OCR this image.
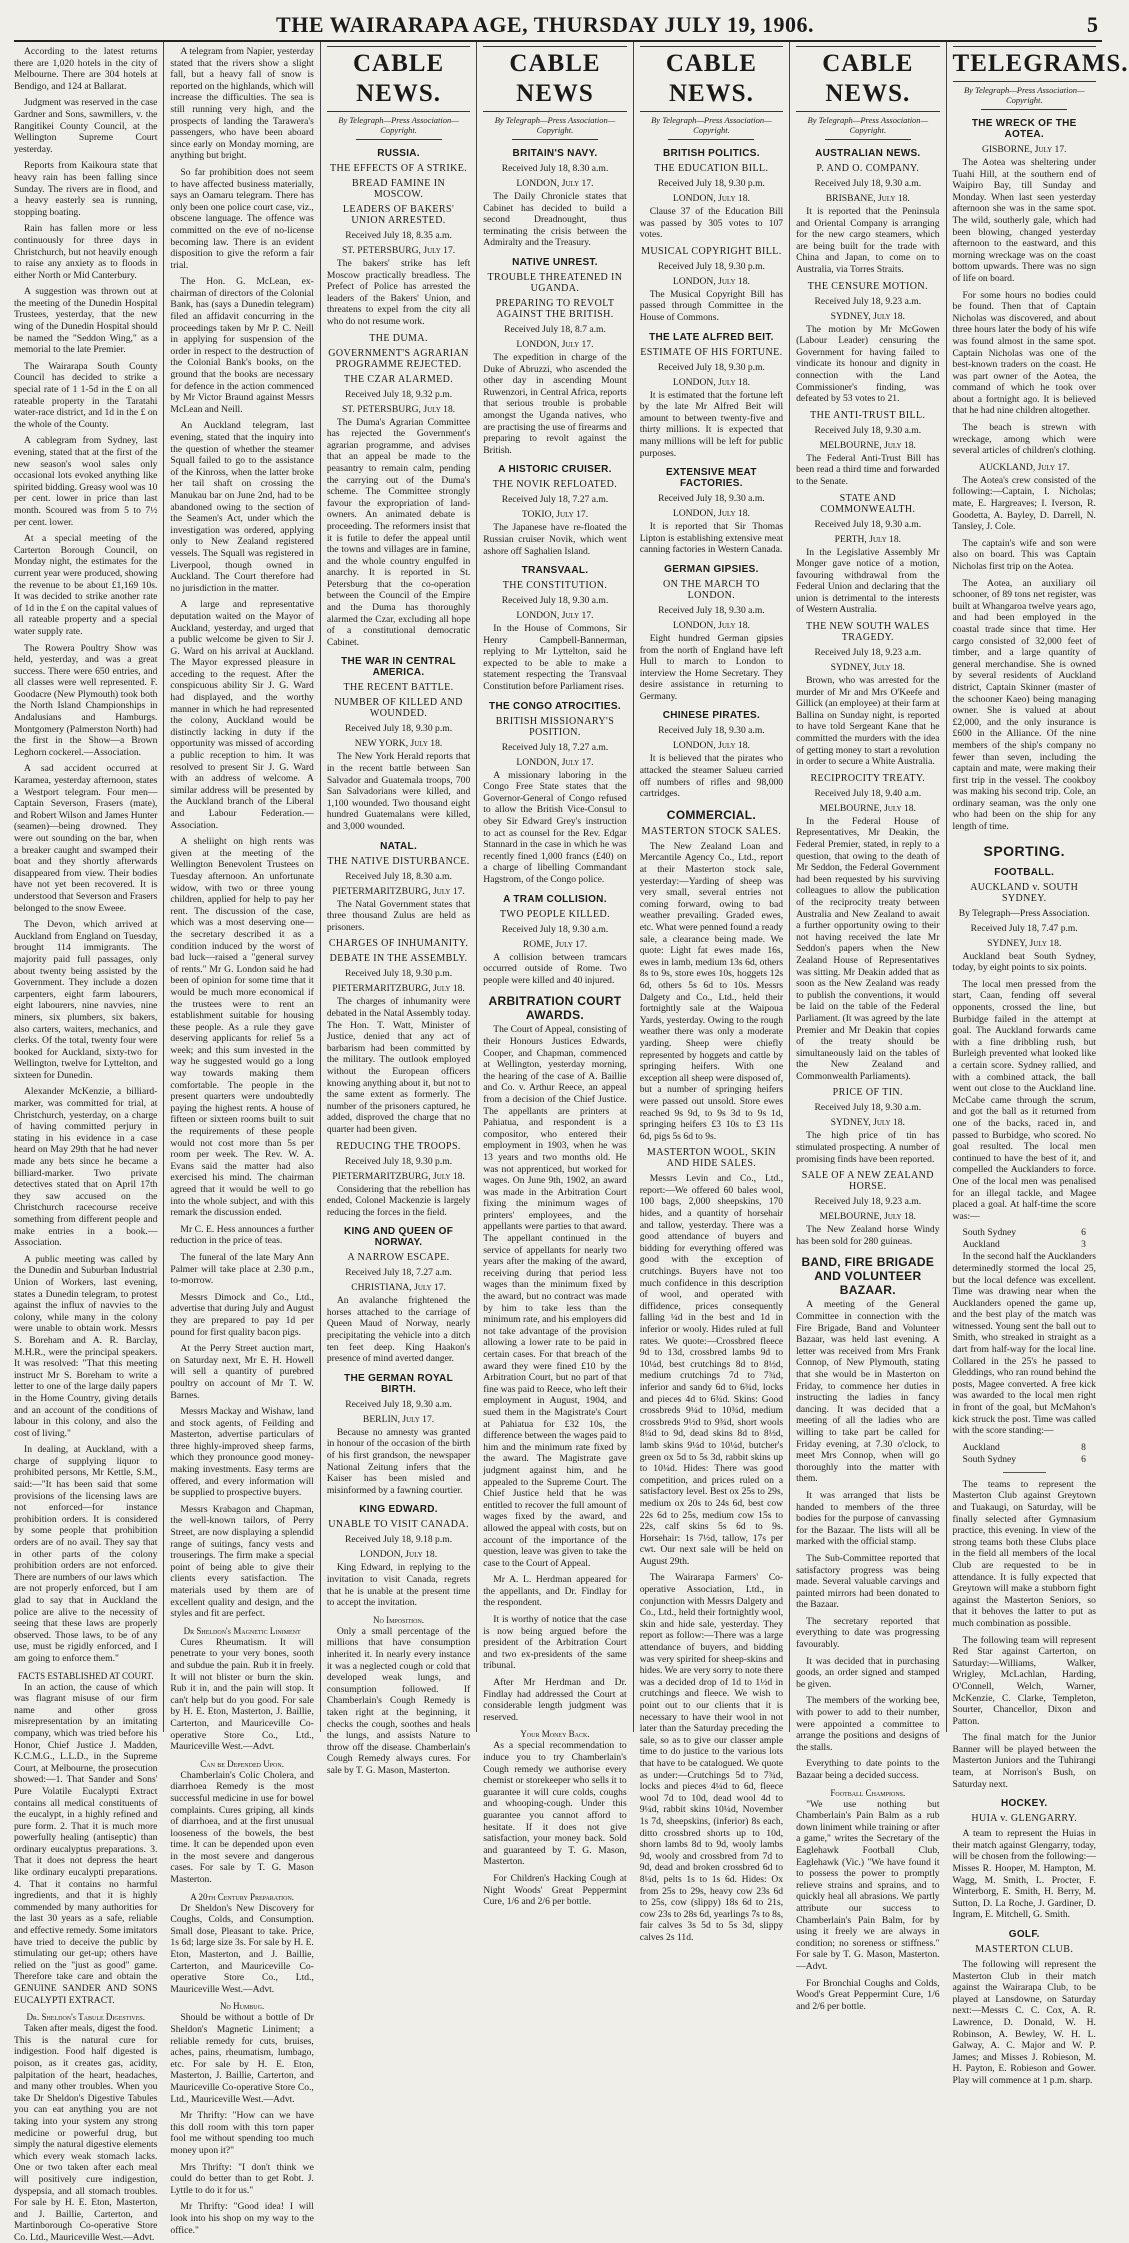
THE WAIRARAPA AGE, THURSDAY JULY 19, 1906.	5

According to the latest returns there are 1,020 hotels in the city of Melbourne. There are 304 hotels at Bendigo, and 124 at Ballarat.

Judgment was reserved in the case Gardner and Sons, sawmillers, v. the Rangitikei County Council, at the Wellington Supreme Court yesterday.

Reports from Kaikoura state that heavy rain has been falling since Sunday. The rivers are in flood, and a heavy easterly sea is running, stopping boating.

Rain has fallen more or less continuously for three days in Christchurch, but not heavily enough to raise any anxiety as to floods in either North or Mid Canterbury.

A suggestion was thrown out at the meeting of the Dunedin Hospital Trustees, yesterday, that the new wing of the Dunedin Hospital should be named the "Seddon Wing," as a memorial to the late Premier.

The Wairarapa South County Council has decided to strike a special rate of 1 1-5d in the £ on all rateable property in the Taratahi water-race district, and 1d in the £ on the whole of the County.

A cablegram from Sydney, last evening, stated that at the first of the new season's wool sales only occasional lots evoked anything like spirited bidding. Greasy wool was 10 per cent. lower in price than last month. Scoured was from 5 to 7½ per cent. lower.

At a special meeting of the Carterton Borough Council, on Monday night, the estimates for the current year were produced, showing the revenue to be about £1,169 10s. It was decided to strike another rate of 1d in the £ on the capital values of all rateable property and a special water supply rate.

The Rowera Poultry Show was held, yesterday, and was a great success. There were 650 entries, and all classes were well represented. F. Goodacre (New Plymouth) took both the North Island Championships in Andalusians and Hamburgs. Montgomery (Palmerston North) had the first in the Show—a Brown Leghorn cockerel.—Association.

A sad accident occurred at Karamea, yesterday afternoon, states a Westport telegram. Four men—Captain Severson, Frasers (mate), and Robert Wilson and James Hunter (seamen)—being drowned. They were out sounding on the bar, when a breaker caught and swamped their boat and they shortly afterwards disappeared from view. Their bodies have not yet been recovered. It is understood that Severson and Frasers belonged to the snow Eweee.

The Devon, which arrived at Auckland from England on Tuesday, brought 114 immigrants. The majority paid full passages, only about twenty being assisted by the Government. They include a dozen carpenters, eight farm labourers, eight labourers, nine navvies, nine miners, six plumbers, six bakers, also carters, waiters, mechanics, and clerks. Of the total, twenty four were booked for Auckland, sixty-two for Wellington, twelve for Lyttelton, and sixteen for Dunedin.

Alexander McKenzie, a billiard-marker, was committed for trial, at Christchurch, yesterday, on a charge of having committed perjury in stating in his evidence in a case heard on May 29th that he had never made any bets since he became a billiard-marker. Two private detectives stated that on April 17th they saw accused on the Christchurch racecourse receive something from different people and make entries in a book.—Association.

A public meeting was called by the Dunedin and Suburban Industrial Union of Workers, last evening, states a Dunedin telegram, to protest against the influx of navvies to the colony, while many in the colony were unable to obtain work. Messrs S. Boreham and A. R. Barclay, M.H.R., were the principal speakers. It was resolved: "That this meeting instruct Mr S. Boreham to write a letter to one of the large daily papers in the Home Country, giving details and an account of the conditions of labour in this colony, and also the cost of living."

In dealing, at Auckland, with a charge of supplying liquor to prohibited persons, Mr Kettle, S.M., said:—"It has been said that some provisions of the licensing laws are not enforced—for instance prohibition orders. It is considered by some people that prohibition orders are of no avail. They say that in other parts of the colony prohibition orders are not enforced. There are numbers of our laws which are not properly enforced, but I am glad to say that in Auckland the police are alive to the necessity of seeing that these laws are properly observed. Those laws, to be of any use, must be rigidly enforced, and I am going to enforce them."

FACTS ESTABLISHED AT COURT.

In an action, the cause of which was flagrant misuse of our firm name and other gross misrepresentation by an imitating company, which was tried before his Honor, Chief Justice J. Madden, K.C.M.G., L.L.D., in the Supreme Court, at Melbourne, the prosecution showed:—1. That Sander and Sons' Pure Volatile Eucalypti Extract contains all medical constituents of the eucalypt, in a highly refined and pure form. 2. That it is much more powerfully healing (antiseptic) than ordinary eucalyptus preparations. 3. That it does not depress the heart like ordinary eucalypti preparations. 4. That it contains no harmful ingredients, and that it is highly commended by many authorities for the last 30 years as a safe, reliable and effective remedy. Some imitators have tried to deceive the public by stimulating our get-up; others have relied on the "just as good" game. Therefore take care and obtain the GENUINE SANDER AND SONS EUCALYPTI EXTRACT.

Dr. Sheldon's Tabule Digestives.

Taken after meals, digest the food. This is the natural cure for indigestion. Food half digested is poison, as it creates gas, acidity, palpitation of the heart, headaches, and many other troubles. When you take Dr Sheldon's Digestive Tabules you can eat anything you are not taking into your system any strong medicine or powerful drug, but simply the natural digestive elements which every weak stomach lacks. One or two taken after each meal will positively cure indigestion, dyspepsia, and all stomach troubles. For sale by H. E. Eton, Masterton, and J. Baillie, Carterton, and Martinborough Co-operative Store Co. Ltd., Mauriceville West.—Advt.

A telegram from Napier, yesterday stated that the rivers show a slight fall, but a heavy fall of snow is reported on the highlands, which will increase the difficulties. The sea is still running very high, and the prospects of landing the Tarawera's passengers, who have been aboard since early on Monday morning, are anything but bright.

So far prohibition does not seem to have affected business materially, says an Oamaru telegram. There has only been one police court case, viz., obscene language. The offence was committed on the eve of no-license becoming law. There is an evident disposition to give the reform a fair trial.

The Hon. G. McLean, ex-chairman of directors of the Colonial Bank, has (says a Dunedin telegram) filed an affidavit concurring in the proceedings taken by Mr P. C. Neill in applying for suspension of the order in respect to the destruction of the Colonial Bank's books, on the ground that the books are necessary for defence in the action commenced by Mr Victor Braund against Messrs McLean and Neill.

An Auckland telegram, last evening, stated that the inquiry into the question of whether the steamer Squall failed to go to the assistance of the Kinross, when the latter broke her tail shaft on crossing the Manukau bar on June 2nd, had to be abandoned owing to the section of the Seamen's Act, under which the investigation was ordered, applying only to New Zealand registered vessels. The Squall was registered in Liverpool, though owned in Auckland. The Court therefore had no jurisdiction in the matter.

A large and representative deputation waited on the Mayor of Auckland, yesterday, and urged that a public welcome be given to Sir J. G. Ward on his arrival at Auckland. The Mayor expressed pleasure in acceding to the request. After the conspicuous ability Sir J. G. Ward had displayed, and the worthy manner in which he had represented the colony, Auckland would be distinctly lacking in duty if the opportunity was missed of according a public reception to him. It was resolved to present Sir J. G. Ward with an address of welcome. A similar address will be presented by the Auckland branch of the Liberal and Labour Federation.—Association.

A sheliight on high rents was given at the meeting of the Wellington Benevolent Trustees on Tuesday afternoon. An unfortunate widow, with two or three young children, applied for help to pay her rent. The discussion of the case, which was a most deserving one—the secretary described it as a condition induced by the worst of bad luck—raised a "general survey of rents." Mr G. London said he had been of opinion for some time that it would be much more economical if the trustees were to rent an establishment suitable for housing these people. As a rule they gave deserving applicants for relief 5s a week; and this sum invested in the way he suggested would go a long way towards making them comfortable. The people in the present quarters were undoubtedly paying the highest rents. A house of fifteen or sixteen rooms built to suit the requirements of these people would not cost more than 5s per room per week. The Rev. W. A. Evans said the matter had also exercised his mind. The chairman agreed that it would be well to go into the whole subject, and with this remark the discussion ended.

Mr C. E. Hess announces a further reduction in the price of teas.

The funeral of the late Mary Ann Palmer will take place at 2.30 p.m., to-morrow.

Messrs Dimock and Co., Ltd., advertise that during July and August they are prepared to pay 1d per pound for first quality bacon pigs.

At the Perry Street auction mart, on Saturday next, Mr E. H. Howell will sell a quantity of purebred poultry on account of Mr T. W. Barnes.

Messrs Mackay and Wishaw, land and stock agents, of Feilding and Masterton, advertise particulars of three highly-improved sheep farms, which they pronounce good money-making investments. Easy terms are offered, and every information will be supplied to prospective buyers.

Messrs Krabagon and Chapman, the well-known tailors, of Perry Street, are now displaying a splendid range of suitings, fancy vests and trouserings. The firm make a special point of being able to give their clients every satisfaction. The materials used by them are of excellent quality and design, and the styles and fit are perfect.

Dr Sheldon's Magnetic Liniment

Cures Rheumatism. It will penetrate to your very bones, sooth and subdue the pain. Rub it in freely. It will not blister or burn the skin. Rub it in, and the pain will stop. It can't help but do you good. For sale by H. E. Eton, Masterton, J. Baillie, Carterton, and Mauriceville Co-operative Store Co., Ltd., Mauriceville West.—Advt.

Can be Depended Upon.

Chamberlain's Colic Cholera, and diarrhoea Remedy is the most successful medicine in use for bowel complaints. Cures griping, all kinds of diarrhoea, and at the first unusual looseness of the bowels, the best time. It can be depended upon even in the most severe and dangerous cases. For sale by T. G. Mason Masterton.

A 20th Century Preparation.

Dr Sheldon's New Discovery for Coughs, Colds, and Consumption. Small dose, Pleasant to take. Price, 1s 6d; large size 3s. For sale by H. E. Eton, Masterton, and J. Baillie, Carterton, and Mauriceville Co-operative Store Co., Ltd., Mauriceville West.—Advt.

No Humbug.

Should be without a bottle of Dr Sheldon's Magnetic Liniment; a reliable remedy for cuts, bruises, aches, pains, rheumatism, lumbago, etc. For sale by H. E. Eton, Masterton, J. Baillie, Carterton, and Mauriceville Co-operative Store Co., Ltd., Mauriceville West.—Advt.

Mr Thrifty: "How can we have this doll room with this torn paper fool me without spending too much money upon it?"

Mrs Thrifty: "I don't think we could do better than to get Robt. J. Lyttle to do it for us."

Mr Thrifty: "Good idea! I will look into his shop on my way to the office."

CABLE NEWS.
By Telegraph—Press Association—Copyright.
RUSSIA.
THE EFFECTS OF A STRIKE.
BREAD FAMINE IN MOSCOW.
LEADERS OF BAKERS' UNION ARRESTED.
Received July 18, 8.35 a.m.
ST. PETERSBURG, July 17.

The bakers' strike has left Moscow practically breadless. The Prefect of Police has arrested the leaders of the Bakers' Union, and threatens to expel from the city all who do not resume work.

THE DUMA.
GOVERNMENT'S AGRARIAN PROGRAMME REJECTED.
THE CZAR ALARMED.
Received July 18, 9.32 p.m.
ST. PETERSBURG, July 18.

The Duma's Agrarian Committee has rejected the Government's agrarian programme, and advises that an appeal be made to the peasantry to remain calm, pending the carrying out of the Duma's scheme. The Committee strongly favour the expropriation of land-owners. An animated debate is proceeding. The reformers insist that it is futile to defer the appeal until the towns and villages are in famine, and the whole country engulfed in anarchy. It is reported in St. Petersburg that the co-operation between the Council of the Empire and the Duma has thoroughly alarmed the Czar, excluding all hope of a constitutional democratic Cabinet.

THE WAR IN CENTRAL AMERICA.
THE RECENT BATTLE.
NUMBER OF KILLED AND WOUNDED.
Received July 18, 9.30 p.m.
NEW YORK, July 18.

The New York Herald reports that in the recent battle between San Salvador and Guatemala troops, 700 San Salvadorians were killed, and 1,100 wounded. Two thousand eight hundred Guatemalans were killed, and 3,000 wounded.

NATAL.
THE NATIVE DISTURBANCE.
Received July 18, 8.30 a.m.
PIETERMARITZBURG, July 17.

The Natal Government states that three thousand Zulus are held as prisoners.

CHARGES OF INHUMANITY.
DEBATE IN THE ASSEMBLY.
Received July 18, 9.30 p.m.
PIETERMARITZBURG, July 18.

The charges of inhumanity were debated in the Natal Assembly today. The Hon. T. Watt, Minister of Justice, denied that any act of barbarism had been committed by the military. The outlook employed without the European officers knowing anything about it, but not to the same extent as formerly. The number of the prisoners captured, he added, disproved the charge that no quarter had been given.

REDUCING THE TROOPS.
Received July 18, 9.30 p.m.
PIETERMARITZBURG, July 18.

Considering that the rebellion has ended, Colonel Mackenzie is largely reducing the forces in the field.

KING AND QUEEN OF NORWAY.
A NARROW ESCAPE.
Received July 18, 7.27 a.m.
CHRISTIANA, July 17.

An avalanche frightened the horses attached to the carriage of Queen Maud of Norway, nearly precipitating the vehicle into a ditch ten feet deep. King Haakon's presence of mind averted danger.

THE GERMAN ROYAL BIRTH.
Received July 18, 9.30 a.m.
BERLIN, July 17.

Because no amnesty was granted in honour of the occasion of the birth of his first grandson, the newspaper National Zeitung infers that the Kaiser has been misled and misinformed by a fawning courtier.

KING EDWARD.
UNABLE TO VISIT CANADA.
Received July 18, 9.18 p.m.
LONDON, July 18.

King Edward, in replying to the invitation to visit Canada, regrets that he is unable at the present time to accept the invitation.

No Imposition.

Only a small percentage of the millions that have consumption inherited it. In nearly every instance it was a neglected cough or cold that developed weak lungs, and consumption followed. If Chamberlain's Cough Remedy is taken right at the beginning, it checks the cough, soothes and heals the lungs, and assists Nature to throw off the disease. Chamberlain's Cough Remedy always cures. For sale by T. G. Mason, Masterton.

CABLE NEWS
By Telegraph—Press Association—Copyright.
BRITAIN'S NAVY.
Received July 18, 8.30 a.m.
LONDON, July 17.

The Daily Chronicle states that Cabinet has decided to build a second Dreadnought, thus terminating the crisis between the Admiralty and the Treasury.

NATIVE UNREST.
TROUBLE THREATENED IN UGANDA.
PREPARING TO REVOLT AGAINST THE BRITISH.
Received July 18, 8.7 a.m.
LONDON, July 17.

The expedition in charge of the Duke of Abruzzi, who ascended the other day in ascending Mount Ruwenzori, in Central Africa, reports that serious trouble is probable amongst the Uganda natives, who are practising the use of firearms and preparing to revolt against the British.

A HISTORIC CRUISER.
THE NOVIK REFLOATED.
Received July 18, 7.27 a.m.
TOKIO, July 17.

The Japanese have re-floated the Russian cruiser Novik, which went ashore off Saghalien Island.

TRANSVAAL.
THE CONSTITUTION.
Received July 18, 9.30 a.m.
LONDON, July 17.

In the House of Commons, Sir Henry Campbell-Bannerman, replying to Mr Lyttelton, said he expected to be able to make a statement respecting the Transvaal Constitution before Parliament rises.

THE CONGO ATROCITIES.
BRITISH MISSIONARY'S POSITION.
Received July 18, 7.27 a.m.
LONDON, July 17.

A missionary laboring in the Congo Free State states that the Governor-General of Congo refused to allow the British Vice-Consul to obey Sir Edward Grey's instruction to act as counsel for the Rev. Edgar Stannard in the case in which he was recently fined 1,000 francs (£40) on a charge of libelling Commandant Hagstrom, of the Congo police.

A TRAM COLLISION.
TWO PEOPLE KILLED.
Received July 18, 9.30 a.m.
ROME, July 17.

A collision between tramcars occurred outside of Rome. Two people were killed and 40 injured.

ARBITRATION COURT AWARDS.

The Court of Appeal, consisting of their Honours Justices Edwards, Cooper, and Chapman, commenced at Wellington, yesterday morning, the hearing of the case of A. Baillie and Co. v. Arthur Reece, an appeal from a decision of the Chief Justice. The appellants are printers at Pahiatua, and respondent is a compositor, who entered their employment in 1903, when he was 13 years and two months old. He was not apprenticed, but worked for wages. On June 9th, 1902, an award was made in the Arbitration Court fixing the minimum wages of printers' employees, and the appellants were parties to that award. The appellant continued in the service of appellants for nearly two years after the making of the award, receiving during that period less wages than the minimum fixed by the award, but no contract was made by him to take less than the minimum rate, and his employers did not take advantage of the provision allowing a lower rate to be paid in certain cases. For that breach of the award they were fined £10 by the Arbitration Court, but no part of that fine was paid to Reece, who left their employment in August, 1904, and sued them in the Magistrate's Court at Pahiatua for £32 10s, the difference between the wages paid to him and the minimum rate fixed by the award. The Magistrate gave judgment against him, and he appealed to the Supreme Court. The Chief Justice held that he was entitled to recover the full amount of wages fixed by the award, and allowed the appeal with costs, but on account of the importance of the question, leave was given to take the case to the Court of Appeal.

Mr A. L. Herdman appeared for the appellants, and Dr. Findlay for the respondent.

It is worthy of notice that the case is now being argued before the president of the Arbitration Court and two ex-presidents of the same tribunal.

After Mr Herdman and Dr. Findlay had addressed the Court at considerable length judgment was reserved.

Your Money Back.

As a special recommendation to induce you to try Chamberlain's Cough remedy we authorise every chemist or storekeeper who sells it to guarantee it will cure colds, coughs and whooping-cough. Under this guarantee you cannot afford to hesitate. If it does not give satisfaction, your money back. Sold and guaranteed by T. G. Mason, Masterton.

For Children's Hacking Cough at Night Woods' Great Peppermint Cure, 1/6 and 2/6 per bottle.

CABLE NEWS.
By Telegraph—Press Association—Copyright.
BRITISH POLITICS.
THE EDUCATION BILL.
Received July 18, 9.30 p.m.
LONDON, July 18.

Clause 37 of the Education Bill was passed by 305 votes to 107 votes.

MUSICAL COPYRIGHT BILL.
Received July 18, 9.30 p.m.
LONDON, July 18.

The Musical Copyright Bill has passed through Committee in the House of Commons.

THE LATE ALFRED BEIT.
ESTIMATE OF HIS FORTUNE.
Received July 18, 9.30 p.m.
LONDON, July 18.

It is estimated that the fortune left by the late Mr Alfred Beit will amount to between twenty-five and thirty millions. It is expected that many millions will be left for public purposes.

EXTENSIVE MEAT FACTORIES.
Received July 18, 9.30 a.m.
LONDON, July 18.

It is reported that Sir Thomas Lipton is establishing extensive meat canning factories in Western Canada.

GERMAN GIPSIES.
ON THE MARCH TO LONDON.
Received July 18, 9.30 a.m.
LONDON, July 18.

Eight hundred German gipsies from the north of England have left Hull to march to London to interview the Home Secretary. They desire assistance in returning to Germany.

CHINESE PIRATES.
Received July 18, 9.30 a.m.
LONDON, July 18.

It is believed that the pirates who attacked the steamer Salueu carried off numbers of rifles and 98,000 cartridges.

COMMERCIAL.
MASTERTON STOCK SALES.

The New Zealand Loan and Mercantile Agency Co., Ltd., report at their Masterton stock sale, yesterday:—Yarding of sheep was very small, several entries not coming forward, owing to bad weather prevailing. Graded ewes, etc. What were penned found a ready sale, a clearance being made. We quote: Light fat ewes made 16s, ewes in lamb, medium 13s 6d, others 8s to 9s, store ewes 10s, hoggets 12s 6d, others 5s 6d to 10s. Messrs Dalgety and Co., Ltd., held their fortnightly sale at the Waipoua Yards, yesterday. Owing to the rough weather there was only a moderate yarding. Sheep were chiefly represented by hoggets and cattle by springing heifers. With one exception all sheep were disposed of, but a number of springing heifers were passed out unsold. Store ewes reached 9s 9d, to 9s 3d to 9s 1d, springing heifers £3 10s to £3 11s 6d, pigs 5s 6d to 9s.

MASTERTON WOOL, SKIN AND HIDE SALES.

Messrs Levin and Co., Ltd., report:—We offered 60 bales wool, 100 bags, 2,000 sheepskins, 170 hides, and a quantity of horsehair and tallow, yesterday. There was a good attendance of buyers and bidding for everything offered was good with the exception of crutchings. Buyers have not too much confidence in this description of wool, and operated with diffidence, prices consequently falling ¼d in the best and 1d in inferior or wooly. Hides ruled at full rates. We quote:—Crossbred fleece 9d to 13d, crossbred lambs 9d to 10¼d, best crutchings 8d to 8½d, medium crutchings 7d to 7¾d, inferior and sandy 6d to 6¾d, locks and pieces 4d to 6¾d. Skins: Good crossbreds 9¼d to 10¾d, medium crossbreds 9½d to 9¾d, short wools 8¼d to 9d, dead skins 8d to 8½d, lamb skins 9¼d to 10¼d, butcher's green ox 5d to 5s 3d, rabbit skins up to 10¼d. Hides: There was good competition, and prices ruled on a satisfactory level. Best ox 25s to 29s, medium ox 20s to 24s 6d, best cow 22s 6d to 25s, medium cow 15s to 22s, calf skins 5s 6d to 9s. Horsehair: 1s 7½d, tallow, 17s per cwt. Our next sale will be held on August 29th.

The Wairarapa Farmers' Co-operative Association, Ltd., in conjunction with Messrs Dalgety and Co., Ltd., held their fortnightly wool, skin and hide sale, yesterday. They report as follow:—There was a large attendance of buyers, and bidding was very spirited for sheep-skins and hides. We are very sorry to note there was a decided drop of 1d to 1½d in crutchings and fleece. We wish to point out to our clients that it is necessary to have their wool in not later than the Saturday preceding the sale, so as to give our classer ample time to do justice to the various lots that have to be catalogued. We quote as under:—Crutchings 5d to 7¾d, locks and pieces 4¼d to 6d, fleece wool 7d to 10d, dead wool 4d to 9¼d, rabbit skins 10¼d, November 1s 7d, sheepskins, (inferior) 8s each, ditto crossbred shorts up to 10d, shorn lambs 8d to 9d, wooly lambs 9d, wooly and crossbred from 7d to 9d, dead and broken crossbred 6d to 8¼d, pelts 1s to 1s 6d. Hides: Ox from 25s to 29s, heavy cow 23s 6d to 25s, cow (slippy) 18s 6d to 21s, cow 23s to 28s 6d, yearlings 7s to 8s, fair calves 3s 5d to 5s 3d, slippy calves 2s 11d.

CABLE NEWS.
By Telegraph—Press Association—Copyright.
AUSTRALIAN NEWS.
P. AND O. COMPANY.
Received July 18, 9.30 a.m.
BRISBANE, July 18.

It is reported that the Peninsula and Oriental Company is arranging for the new cargo steamers, which are being built for the trade with China and Japan, to come on to Australia, via Torres Straits.

THE CENSURE MOTION.
Received July 18, 9.23 a.m.
SYDNEY, July 18.

The motion by Mr McGowen (Labour Leader) censuring the Government for having failed to vindicate its honour and dignity in connection with the Land Commissioner's finding, was defeated by 53 votes to 21.

THE ANTI-TRUST BILL.
Received July 18, 9.30 a.m.
MELBOURNE, July 18.

The Federal Anti-Trust Bill has been read a third time and forwarded to the Senate.

STATE AND COMMONWEALTH.
Received July 18, 9.30 a.m.
PERTH, July 18.

In the Legislative Assembly Mr Monger gave notice of a motion, favouring withdrawal from the Federal Union and declaring that the union is detrimental to the interests of Western Australia.

THE NEW SOUTH WALES TRAGEDY.
Received July 18, 9.23 a.m.
SYDNEY, July 18.

Brown, who was arrested for the murder of Mr and Mrs O'Keefe and Gillick (an employee) at their farm at Ballina on Sunday night, is reported to have told Sergeant Kane that he committed the murders with the idea of getting money to start a revolution in order to secure a White Australia.

RECIPROCITY TREATY.
Received July 18, 9.40 a.m.
MELBOURNE, July 18.

In the Federal House of Representatives, Mr Deakin, the Federal Premier, stated, in reply to a question, that owing to the death of Mr Seddon, the Federal Government had been requested by his surviving colleagues to allow the publication of the reciprocity treaty between Australia and New Zealand to await a further opportunity owing to their not having received the late Mr Seddon's papers when the New Zealand House of Representatives was sitting. Mr Deakin added that as soon as the New Zealand was ready to publish the conventions, it would be laid on the table of the Federal Parliament. (It was agreed by the late Premier and Mr Deakin that copies of the treaty should be simultaneously laid on the tables of the New Zealand and Commonwealth Parliaments).

PRICE OF TIN.
Received July 18, 9.30 a.m.
SYDNEY, July 18.

The high price of tin has stimulated prospecting. A number of promising finds have been reported.

SALE OF A NEW ZEALAND HORSE.
Received July 18, 9.23 a.m.
MELBOURNE, July 18.

The New Zealand horse Windy has been sold for 280 guineas.

BAND, FIRE BRIGADE AND VOLUNTEER BAZAAR.

A meeting of the General Committee in connection with the Fire Brigade, Band and Volunteer Bazaar, was held last evening. A letter was received from Mrs Frank Connop, of New Plymouth, stating that she would be in Masterton on Friday, to commence her duties in instructing the ladies in fancy dancing. It was decided that a meeting of all the ladies who are willing to take part be called for Friday evening, at 7.30 o'clock, to meet Mrs Connop, when will go thoroughly into the matter with them.

It was arranged that lists be handed to members of the three bodies for the purpose of canvassing for the Bazaar. The lists will all be marked with the official stamp.

The Sub-Committee reported that satisfactory progress was being made. Several valuable carvings and painted mirrors had been donated to the Bazaar.

The secretary reported that everything to date was progressing favourably.

It was decided that in purchasing goods, an order signed and stamped be given.

The members of the working bee, with power to add to their number, were appointed a committee to arrange the positions and designs of the stalls.

Everything to date points to the Bazaar being a decided success.

Football Champions.

"We use nothing but Chamberlain's Pain Balm as a rub down liniment while training or after a game," writes the Secretary of the Eaglehawk Football Club, Eaglehawk (Vic.) "We have found it to possess the power to promptly relieve strains and sprains, and to quickly heal all abrasions. We partly attribute our success to Chamberlain's Pain Balm, for by using it freely we are always in condition; no soreness or stiffness." For sale by T. G. Mason, Masterton.—Advt.

For Bronchial Coughs and Colds, Wood's Great Peppermint Cure, 1/6 and 2/6 per bottle.

TELEGRAMS.
By Telegraph—Press Association—Copyright.
THE WRECK OF THE AOTEA.
GISBORNE, July 17.

The Aotea was sheltering under Tuahi Hill, at the southern end of Waipiro Bay, till Sunday and Monday. When last seen yesterday afternoon she was in the same spot. The wild, southerly gale, which had been blowing, changed yesterday afternoon to the eastward, and this morning wreckage was on the coast bottom upwards. There was no sign of life on board.

For some hours no bodies could be found. Then that of Captain Nicholas was discovered, and about three hours later the body of his wife was found almost in the same spot. Captain Nicholas was one of the best-known traders on the coast. He was part owner of the Aotea, the command of which he took over about a fortnight ago. It is believed that he had nine children altogether.

The beach is strewn with wreckage, among which were several articles of children's clothing.

AUCKLAND, July 17.

The Aotea's crew consisted of the following:—Captain, I. Nicholas; mate, E. Hargreaves; I. Iverson, R. Goodetta, A. Bayley, D. Darrell, N. Tansley, J. Cole.

The captain's wife and son were also on board. This was Captain Nicholas first trip on the Aotea.

The Aotea, an auxiliary oil schooner, of 89 tons net register, was built at Whangaroa twelve years ago, and had been employed in the coastal trade since that time. Her cargo consisted of 32,000 feet of timber, and a large quantity of general merchandise. She is owned by several residents of Auckland district, Captain Skinner (master of the schooner Kaeo) being managing owner. She is valued at about £2,000, and the only insurance is £600 in the Alliance. Of the nine members of the ship's company no fewer than seven, including the captain and mate, were making their first trip in the vessel. The cookboy was making his second trip. Cole, an ordinary seaman, was the only one who had been on the ship for any length of time.

SPORTING.
FOOTBALL.
AUCKLAND v. SOUTH SYDNEY.
By Telegraph—Press Association.
Received July 18, 7.47 p.m.
SYDNEY, July 18.

Auckland beat South Sydney, today, by eight points to six points.

The local men pressed from the start, Caan, fending off several opponents, crossed the line, but Burbidge failed in the attempt at goal. The Auckland forwards came with a fine dribbling rush, but Burleigh prevented what looked like a certain score. Sydney rallied, and with a combined attack, the ball went out close to the Auckland line. McCabe came through the scrum, and got the ball as it returned from one of the backs, raced in, and passed to Burbidge, who scored. No goal resulted. The local men continued to have the best of it, and compelled the Aucklanders to force. One of the local men was penalised for an illegal tackle, and Magee placed a goal. At half-time the score was:—

South Sydney	6
Auckland	3

In the second half the Aucklanders determinedly stormed the local 25, but the local defence was excellent. Time was drawing near when the Aucklanders opened the game up, and the best play of the match was witnessed. Young sent the ball out to Smith, who streaked in straight as a dart from half-way for the local line. Collared in the 25's he passed to Gleddings, who ran round behind the posts, Magee converted. A free kick was awarded to the local men right in front of the goal, but McMahon's kick struck the post. Time was called with the score standing:—

Auckland	8
South Sydney	6

The teams to represent the Masterton Club against Greytown and Tuakaugi, on Saturday, will be finally selected after Gymnasium practice, this evening. In view of the strong teams both these Clubs place in the field all members of the local Club are requested to be in attendance. It is fully expected that Greytown will make a stubborn fight against the Masterton Seniors, so that it behoves the latter to put as much combination as possible.

The following team will represent Red Star against Carterton, on Saturday:—Williams, Walker, Wrigley, McLachlan, Harding, O'Connell, Welch, Warner, McKenzie, C. Clarke, Templeton, Sourter, Chancellor, Dixon and Patton.

The final match for the Junior Banner will be played between the Masterton Juniors and the Tuhirangi team, at Norrison's Bush, on Saturday next.

HOCKEY.
HUIA v. GLENGARRY.

A team to represent the Huias in their match against Glengarry, today, will be chosen from the following:—Misses R. Hooper, M. Hampton, M. Wagg, M. Smith, L. Procter, F. Winterborg, E. Smith, H. Berry, M. Sutton, D. La Roche, J. Gardiner, D. Ingram, E. Mitchell, G. Smith.

GOLF.
MASTERTON CLUB.

The following will represent the Masterton Club in their match against the Wairarapa Club, to be played at Lansdowne, on Saturday next:—Messrs C. C. Cox, A. R. Lawrence, D. Donald, W. H. Robinson, A. Bewley, W. H. L. Galway, A. C. Major and W. P. James; and Misses J. Robieson, M. H. Payton, E. Robieson and Gower. Play will commence at 1 p.m. sharp.
